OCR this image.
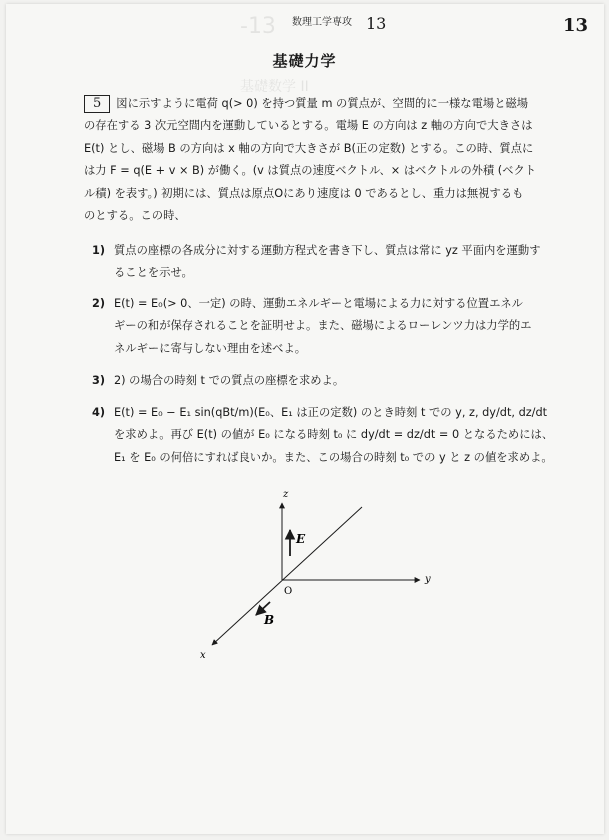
数理工学専攻 13	13
基礎力学
5 図に示すように電荷 q(> 0) を持つ質量 m の質点が、空間的に一様な電場と磁場
の存在する 3 次元空間内を運動しているとする。電場 E の方向は z 軸の方向で大きさは
E(t) とし、磁場 B の方向は x 軸の方向で大きさが B(正の定数) とする。この時、質点に
は力 F = q(E + v × B) が働く。(v は質点の速度ベクトル、× はベクトルの外積 (ベクト
ル積) を表す。) 初期には、質点は原点Oにあり速度は 0 であるとし、重力は無視するも
のとする。この時、
1) 質点の座標の各成分に対する運動方程式を書き下し、質点は常に yz 平面内を運動す
ることを示せ。
2) E(t) = E₀(> 0、一定) の時、運動エネルギーと電場による力に対する位置エネル
ギーの和が保存されることを証明せよ。また、磁場によるローレンツ力は力学的エ
ネルギーに寄与しない理由を述べよ。
3) 2) の場合の時刻 t での質点の座標を求めよ。
4) E(t) = E₀ − E₁ sin(qBt/m)(E₀、E₁ は正の定数) のとき時刻 t での y, z, dy/dt, dz/dt
を求めよ。再び E(t) の値が E₀ になる時刻 t₀ に dy/dt = dz/dt = 0 となるためには、
E₁ を E₀ の何倍にすれば良いか。また、この場合の時刻 t₀ での y と z の値を求めよ。
z
y
x
O
E
B
